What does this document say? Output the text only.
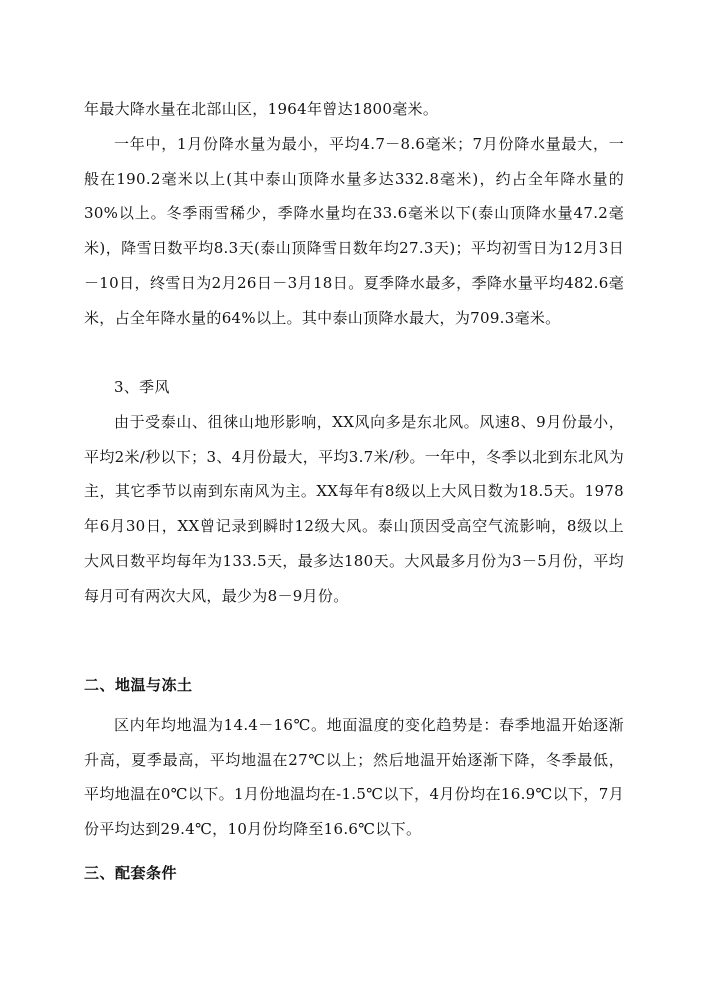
年最大降水量在北部山区，1964年曾达1800毫米。

一年中，1月份降水量为最小，平均4.7－8.6毫米；7月份降水量最大，一般在190.2毫米以上(其中泰山顶降水量多达332.8毫米)，约占全年降水量的30%以上。冬季雨雪稀少，季降水量均在33.6毫米以下(泰山顶降水量47.2毫米)，降雪日数平均8.3天(泰山顶降雪日数年均27.3天)；平均初雪日为12月3日－10日，终雪日为2月26日－3月18日。夏季降水最多，季降水量平均482.6毫米，占全年降水量的64%以上。其中泰山顶降水最大，为709.3毫米。

3、季风

由于受泰山、徂徕山地形影响，XX风向多是东北风。风速8、9月份最小，平均2米/秒以下；3、4月份最大，平均3.7米/秒。一年中，冬季以北到东北风为主，其它季节以南到东南风为主。XX每年有8级以上大风日数为18.5天。1978年6月30日，XX曾记录到瞬时12级大风。泰山顶因受高空气流影响，8级以上大风日数平均每年为133.5天，最多达180天。大风最多月份为3－5月份，平均每月可有两次大风，最少为8－9月份。

二、地温与冻土

区内年均地温为14.4－16℃。地面温度的变化趋势是：春季地温开始逐渐升高，夏季最高，平均地温在27℃以上；然后地温开始逐渐下降，冬季最低，平均地温在0℃以下。1月份地温均在-1.5℃以下，4月份均在16.9℃以下，7月份平均达到29.4℃，10月份均降至16.6℃以下。

三、配套条件
